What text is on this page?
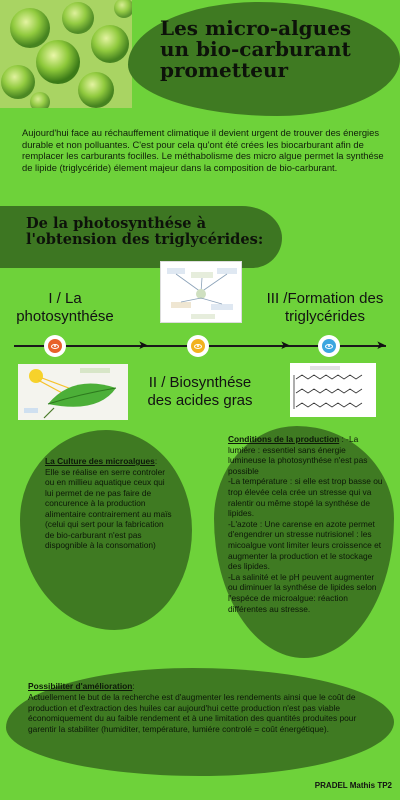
Les micro-algues
un bio-carburant
prometteur

Aujourd'hui face au réchauffement climatique il devient urgent de trouver des énergies durable et non polluantes. C'est pour cela qu'ont été crées les biocarburant afin de remplacer les carburants focilles. Le méthabolisme des micro algue permet la synthése de lipide (triglycéride) élement majeur dans la composition de bio-carburant.

De la photosynthése à
l'obtension des triglycérides:
I / La
photosynthése
II / Biosynthése
des acides gras
III /Formation des
triglycérides
➤	➤	➤

La Culture des microalgues:

Elle se réalise en serre controler ou en millieu aquatique ceux qui lui permet de ne pas faire de concurence à la production alimentaire contrairement au maïs (celui qui sert pour la fabrication de bio-carburant n'est pas dispognible à la consomation)

Conditions de la production : -La lumiére : essentiel sans énergie lumineuse la photosynthése n'est pas possible

-La température : si elle est trop basse ou trop élevée cela crée un stresse qui va ralentir ou même stopé la synthése de lipides.

-L'azote : Une carense en azote permet d'engendrer un stresse nutrisionel : les micoalgue vont limiter leurs croissence et augmenter la production et le stockage des lipides.

-La salinité et le pH peuvent augmenter ou diminuer la synthése de lipides selon l'espéce de microalgue: réaction différentes au stresse.

Possibiliter d'amélioration:

Actuellement le but de la recherche est d'augmenter les rendements ainsi que le coût de production et d'extraction des huiles car aujourd'hui cette production n'est pas viable économiquement du au faible rendement et à une limitation des quantités produites pour garentir la stabiliter (humiditer, température, lumiére controlé = coût énergétique).

PRADEL Mathis TP2
